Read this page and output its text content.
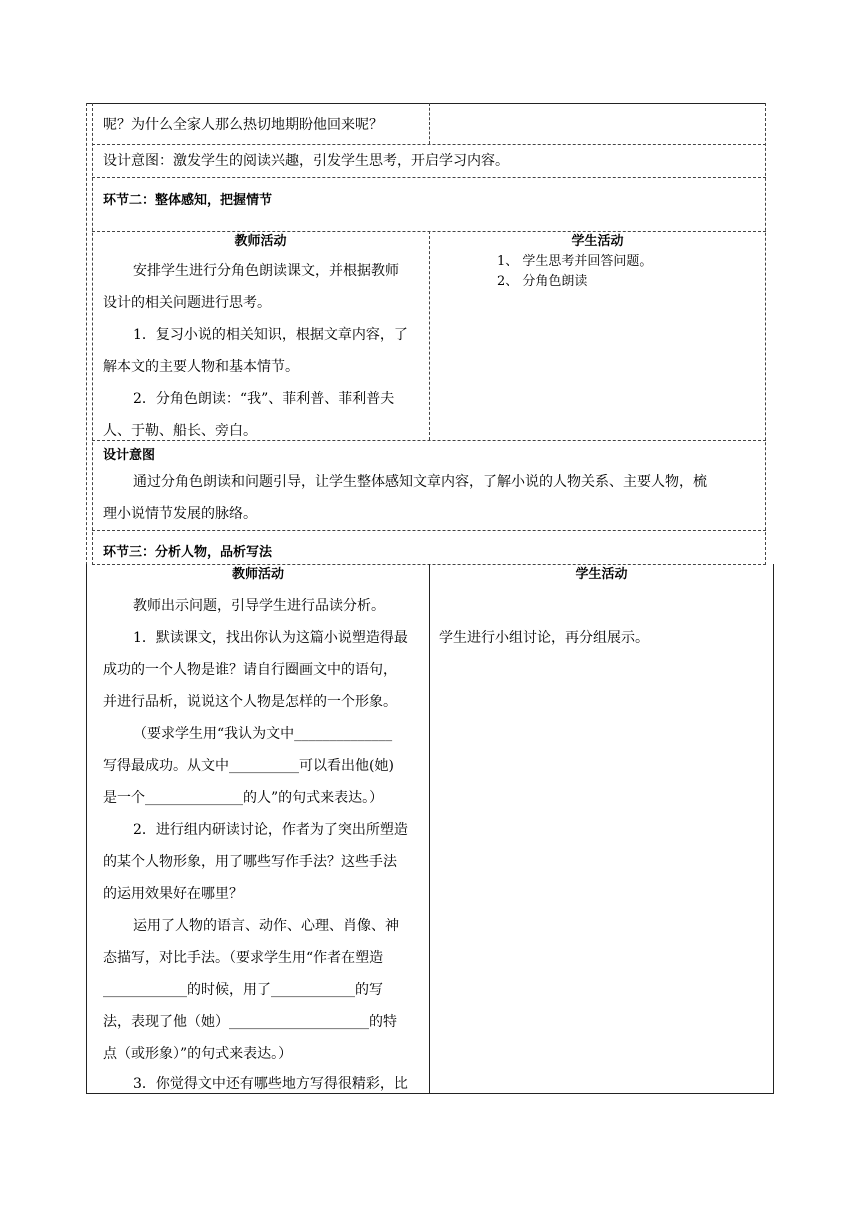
呢？为什么全家人那么热切地期盼他回来呢？
设计意图：激发学生的阅读兴趣，引发学生思考，开启学习内容。
环节二：整体感知，把握情节
教师活动	学生活动
安排学生进行分角色朗读课文，并根据教师
设计的相关问题进行思考。
1．复习小说的相关知识，根据文章内容，了
解本文的主要人物和基本情节。
2．分角色朗读：“我”、菲利普、菲利普夫
人、于勒、船长、旁白。
1、 学生思考并回答问题。
2、 分角色朗读
设计意图
通过分角色朗读和问题引导，让学生整体感知文章内容，了解小说的人物关系、主要人物，梳
理小说情节发展的脉络。
环节三：分析人物，品析写法
教师活动	学生活动
教师出示问题，引导学生进行品读分析。
1．默读课文，找出你认为这篇小说塑造得最
成功的一个人物是谁？请自行圈画文中的语句，
并进行品析，说说这个人物是怎样的一个形象。
（要求学生用“我认为文中______________
写得最成功。从文中__________可以看出他(她)
是一个______________的人”的句式来表达。）
2．进行组内研读讨论，作者为了突出所塑造
的某个人物形象，用了哪些写作手法？这些手法
的运用效果好在哪里？
运用了人物的语言、动作、心理、肖像、神
态描写，对比手法。（要求学生用“作者在塑造
____________的时候，用了____________的写
法，表现了他（她）____________________的特
点（或形象）”的句式来表达。）
3．你觉得文中还有哪些地方写得很精彩，比
学生进行小组讨论，再分组展示。
